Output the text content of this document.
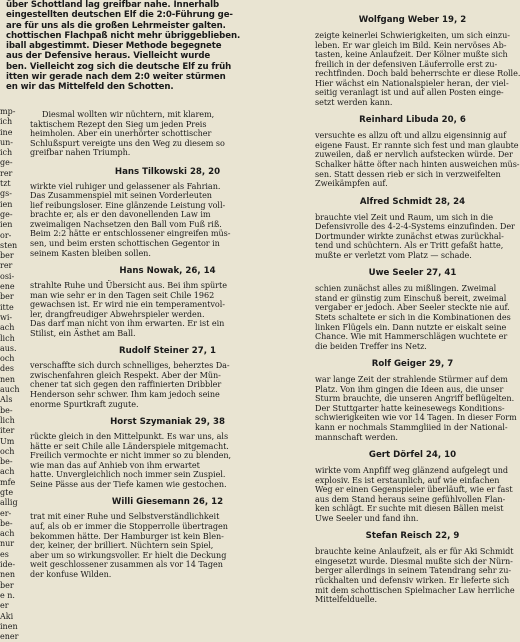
über Schottland lag greifbar nahe. Innerhalb
eingestellten deutschen Elf die 2:0-Führung ge-
are für uns als die großen Lehrmeister galten.
chottischen Flachpaß nicht mehr übriggeblieben.
iball abgestimmt. Dieser Methode begegnete
aus der Defensive heraus. Vielleicht wurde
ben. Vielleicht zog sich die deutsche Elf zu früh
itten wir gerade nach dem 2:0 weiter stürmen
en wir das Mittelfeld den Schotten.
mp-
ich
ine
un-
ich
ge-
rer
tzt
gs-
ien
ge-
ien
or-
sten
ber
rer
osi-
ene
ber
itte
wi-
ach
lich
aus.
och
des
nen
auch
Als
be-
lich
iter
Um
och
be-
ach
mfe
gte
allig
er-
be-
ach
nur
es
ide-
nen
ber
e n.
er
Aki
inen
ener

Diesmal wollten wir nüchtern, mit klarem,
taktischem Rezept den Sieg um jeden Preis
heimholen. Aber ein unerhörter schottischer
Schlußspurt vereigte uns den Weg zu diesem so
greifbar nahen Triumph.

Hans Tilkowski 28, 20

wirkte viel ruhiger und gelassener als Fahrian.
Das Zusammenspiel mit seinen Vorderleuten
lief reibungsloser. Eine glänzende Leistung voll-
brachte er, als er den davonellenden Law im
zweimaligen Nachsetzen den Ball vom Fuß riß.
Beim 2:2 hätte er entschlossener eingreifen müs-
sen, und beim ersten schottischen Gegentor in
seinem Kasten bleiben sollen.

Hans Nowak, 26, 14

strahlte Ruhe und Übersicht aus. Bei ihm spürte
man wie sehr er in den Tagen seit Chile 1962
gewachsen ist. Er wird nie ein temperamentvol-
ler, drangfreudiger Abwehrspieler werden.
Das darf man nicht von ihm erwarten. Er ist ein
Stilist, ein Ästhet am Ball.

Rudolf Steiner 27, 1

verschaffte sich durch schnelliges, beherztes Da-
zwischenfahren gleich Respekt. Aber der Mün-
chener tat sich gegen den raffinierten Dribbler
Henderson sehr schwer. Ihm kam jedoch seine
enorme Spurtkraft zugute.

Horst Szymaniak 29, 38

rückte gleich in den Mittelpunkt. Es war uns, als
hätte er seit Chile alle Länderspiele mitgemacht.
Freilich vermochte er nicht immer so zu blenden,
wie man das auf Anhieb von ihm erwartet
hatte. Unvergleichlich noch immer sein Zuspiel.
Seine Pässe aus der Tiefe kamen wie gestochen.

Willi Giesemann 26, 12

trat mit einer Ruhe und Selbstverständlichkeit
auf, als ob er immer die Stopperrolle übertragen
bekommen hätte. Der Hamburger ist kein Blen-
der, keiner, der brilliert. Nüchtern sein Spiel,
aber um so wirkungsvoller. Er hielt die Deckung
weit geschlossener zusammen als vor 14 Tagen
der konfuse Wilden.

Wolfgang Weber 19, 2

zeigte keinerlei Schwierigkeiten, um sich einzu-
leben. Er war gleich im Bild. Kein nervöses Ab-
tasten, keine Anlaufzeit. Der Kölner mußte sich
freilich in der defensiven Läuferrolle erst zu-
rechtfinden. Doch bald beherrschte er diese Rolle.
Hier wächst ein Nationalspieler heran, der viel-
seitig veranlagt ist und auf allen Posten einge-
setzt werden kann.

Reinhard Libuda 20, 6

versuchte es allzu oft und allzu eigensinnig auf
eigene Faust. Er rannte sich fest und man glaubte
zuweilen, daß er nervlich aufstecken würde. Der
Schalker hätte öfter nach hinten ausweichen müs-
sen. Statt dessen rieb er sich in verzweifelten
Zweikämpfen auf.

Alfred Schmidt 28, 24

brauchte viel Zeit und Raum, um sich in die
Defensivrolle des 4-2-4-Systems einzufinden. Der
Dortmunder wirkte zunächst etwas zurückhal-
tend und schüchtern. Als er Tritt gefaßt hatte,
mußte er verletzt vom Platz — schade.

Uwe Seeler 27, 41

schien zunächst alles zu mißlingen. Zweimal
stand er günstig zum Einschuß bereit, zweimal
vergaber er jedoch. Aber Seeler steckte nie auf.
Stets schaltete er sich in die Kombinationen des
linken Flügels ein. Dann nutzte er eiskalt seine
Chance. Wie mit Hammerschlägen wuchtete er
die beiden Treffer ins Netz.

Rolf Geiger 29, 7

war lange Zeit der strahlende Stürmer auf dem
Platz. Von ihm gingen die Ideen aus, die unser
Sturm brauchte, die unseren Angriff beflügelten.
Der Stuttgarter hatte keinesewegs Konditions-
schwierigkeiten wie vor 14 Tagen. In dieser Form
kann er nochmals Stammgliied in der National-
mannschaft werden.

Gert Dörfel 24, 10

wirkte vom Anpfiff weg glänzend aufgelegt und
explosiv. Es ist erstaunlich, auf wie einfachen
Weg er einen Gegenspieler überläuft, wie er fast
aus dem Stand heraus seine gefühlvollen Flan-
ken schlägt. Er suchte mit diesen Bällen meist
Uwe Seeler und fand ihn.

Stefan Reisch 22, 9

brauchte keine Anlaufzeit, als er für Aki Schmidt
eingesetzt wurde. Diesmal mußte sich der Nürn-
berger allerdings in seinem Tatendrang sehr zu-
rückhalten und defensiv wirken. Er lieferte sich
mit dem schottischen Spielmacher Law herrliche
Mittelfelduelle.
